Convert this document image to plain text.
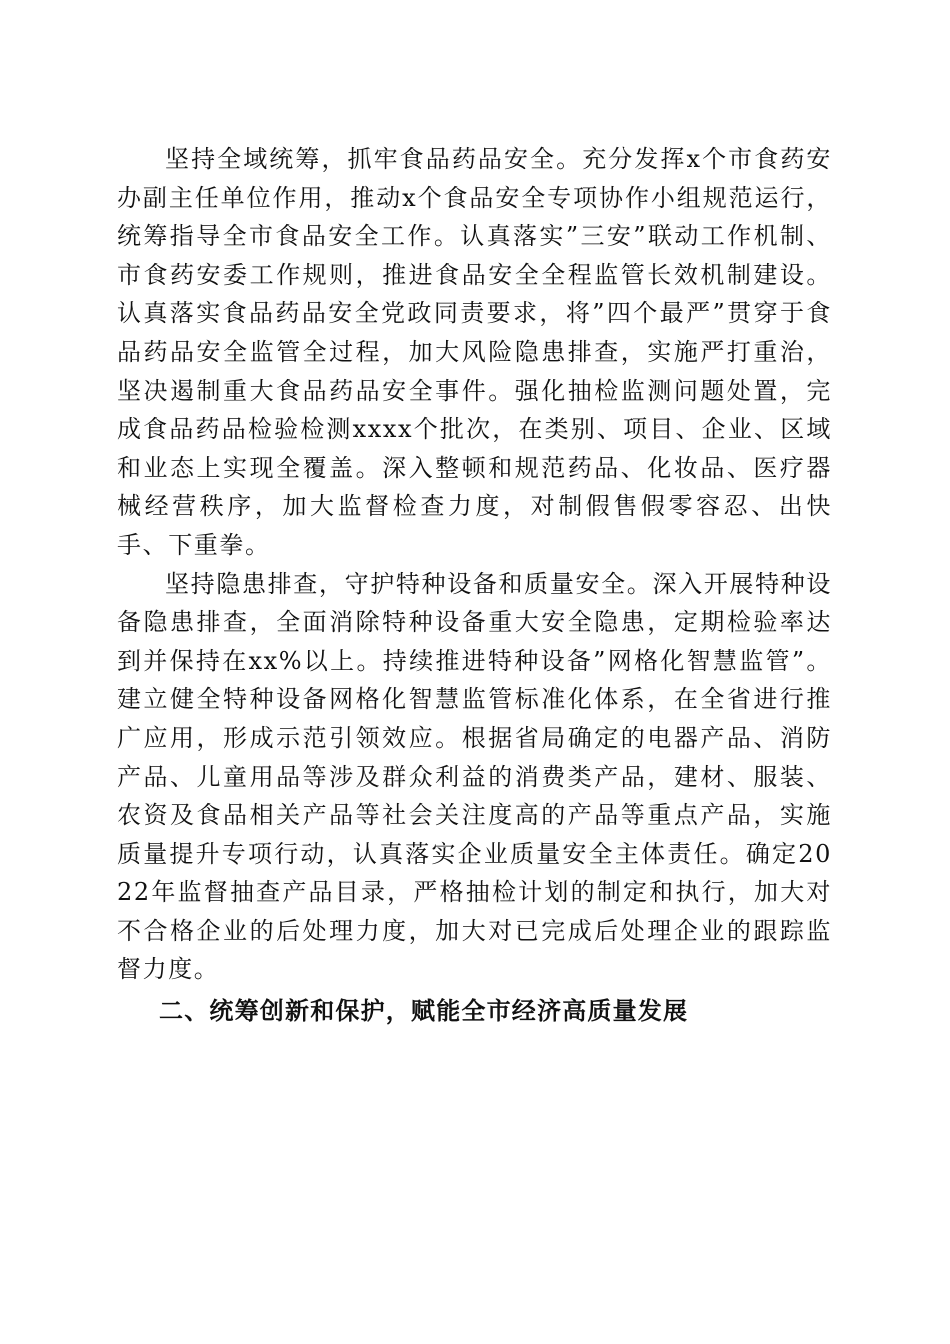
坚持全域统筹，抓牢食品药品安全。充分发挥x个市食药安办副主任单位作用，推动x个食品安全专项协作小组规范运行，统筹指导全市食品安全工作。认真落实”三安”联动工作机制、市食药安委工作规则，推进食品安全全程监管长效机制建设。认真落实食品药品安全党政同责要求，将”四个最严”贯穿于食品药品安全监管全过程，加大风险隐患排查，实施严打重治，坚决遏制重大食品药品安全事件。强化抽检监测问题处置，完成食品药品检验检测xxxx个批次，在类别、项目、企业、区域和业态上实现全覆盖。深入整顿和规范药品、化妆品、医疗器械经营秩序，加大监督检查力度，对制假售假零容忍、出快手、下重拳。

坚持隐患排查，守护特种设备和质量安全。深入开展特种设备隐患排查，全面消除特种设备重大安全隐患，定期检验率达到并保持在xx%以上。持续推进特种设备”网格化智慧监管”。建立健全特种设备网格化智慧监管标准化体系，在全省进行推广应用，形成示范引领效应。根据省局确定的电器产品、消防产品、儿童用品等涉及群众利益的消费类产品，建材、服装、农资及食品相关产品等社会关注度高的产品等重点产品，实施质量提升专项行动，认真落实企业质量安全主体责任。确定2022年监督抽查产品目录，严格抽检计划的制定和执行，加大对不合格企业的后处理力度，加大对已完成后处理企业的跟踪监督力度。

二、统筹创新和保护，赋能全市经济高质量发展
